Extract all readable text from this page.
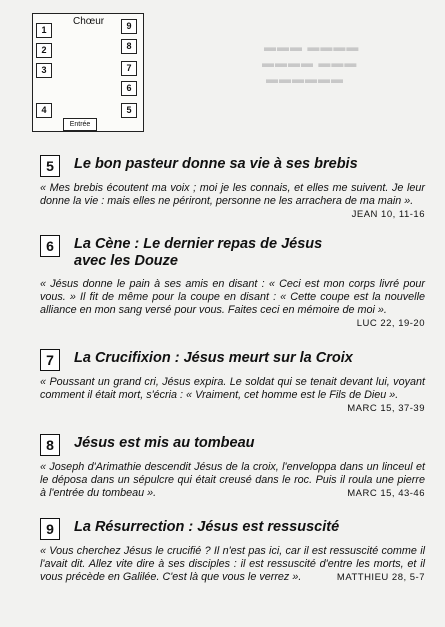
Chœur
1
2
3
4
9
8
7
6
5
Entrée
▬▬▬ ▬▬▬▬
▬▬▬▬ ▬▬▬
▬▬▬▬▬▬
5	Le bon pasteur donne sa vie à ses brebis

« Mes brebis écoutent ma voix ; moi je les connais, et elles me suivent. Je leur donne la vie : mais elles ne périront, personne ne les arrachera de ma main ».
JEAN 10, 11-16

6	La Cène : Le dernier repas de Jésus
avec les Douze

« Jésus donne le pain à ses amis en disant : « Ceci est mon corps livré pour vous. » Il fit de même pour la coupe en disant : « Cette coupe est la nouvelle alliance en mon sang versé pour vous. Faites ceci en mémoire de moi ».
LUC 22, 19-20

7	La Crucifixion : Jésus meurt sur la Croix

« Poussant un grand cri, Jésus expira. Le soldat qui se tenait devant lui, voyant comment il était mort, s'écria : « Vraiment, cet homme est le Fils de Dieu ».
MARC 15, 37-39

8	Jésus est mis au tombeau

« Joseph d'Arimathie descendit Jésus de la croix, l'enveloppa dans un linceul et le déposa dans un sépulcre qui était creusé dans le roc. Puis il roula une pierre à l'entrée du tombeau ».	MARC 15, 43-46

9	La Résurrection : Jésus est ressuscité

« Vous cherchez Jésus le crucifié ? Il n'est pas ici, car il est ressuscité comme il l'avait dit. Allez vite dire à ses disciples : il est ressuscité d'entre les morts, et il vous précède en Galilée. C'est là que vous le verrez ».	MATTHIEU 28, 5-7
